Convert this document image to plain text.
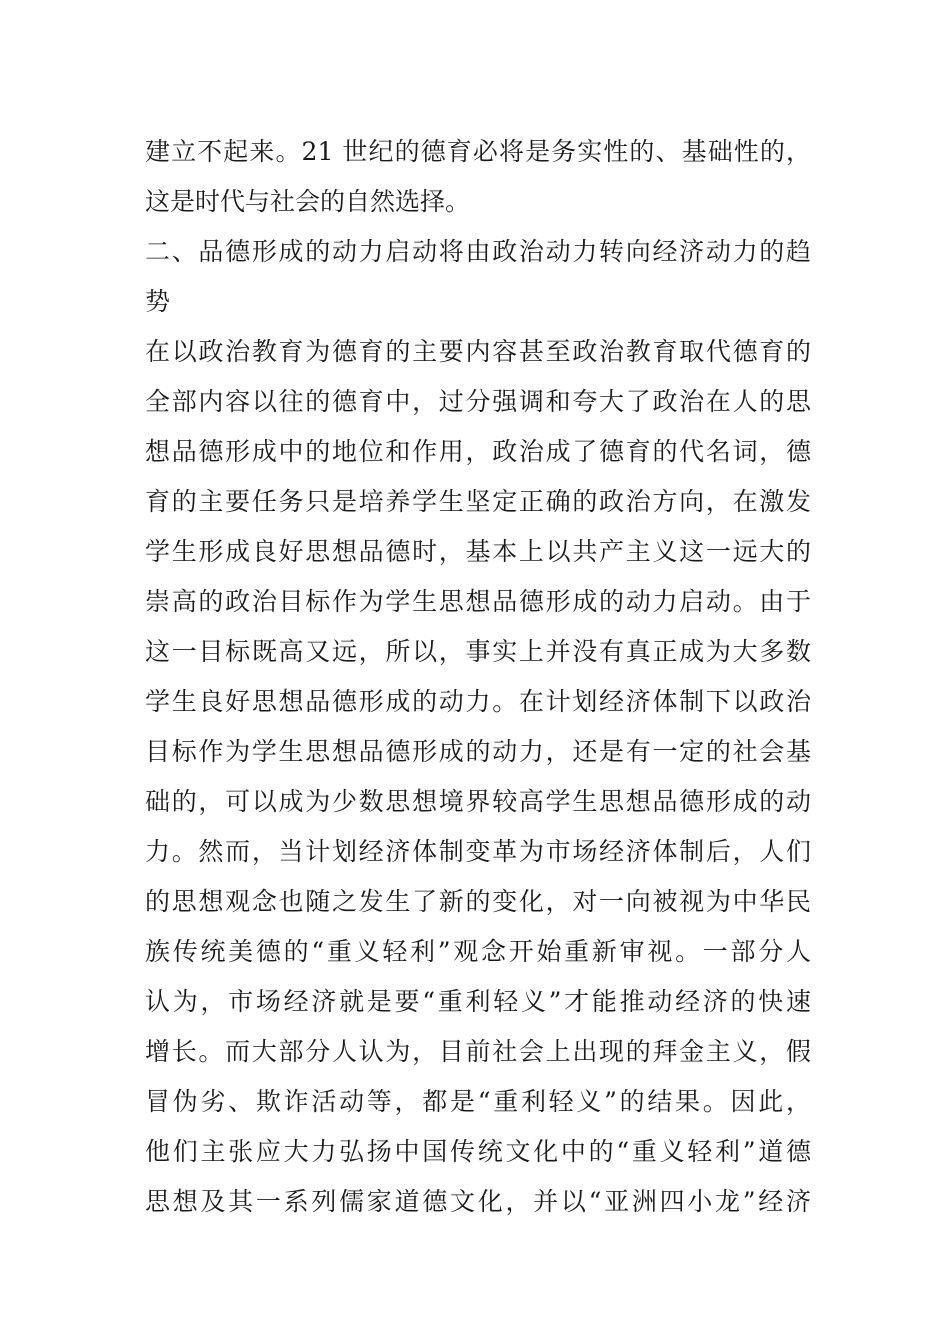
建立不起来。21 世纪的德育必将是务实性的、基础性的，
这是时代与社会的自然选择。
二、品德形成的动力启动将由政治动力转向经济动力的趋
势
在以政治教育为德育的主要内容甚至政治教育取代德育的
全部内容以往的德育中，过分强调和夸大了政治在人的思
想品德形成中的地位和作用，政治成了德育的代名词，德
育的主要任务只是培养学生坚定正确的政治方向，在激发
学生形成良好思想品德时，基本上以共产主义这一远大的
崇高的政治目标作为学生思想品德形成的动力启动。由于
这一目标既高又远，所以，事实上并没有真正成为大多数
学生良好思想品德形成的动力。在计划经济体制下以政治
目标作为学生思想品德形成的动力，还是有一定的社会基
础的，可以成为少数思想境界较高学生思想品德形成的动
力。然而，当计划经济体制变革为市场经济体制后，人们
的思想观念也随之发生了新的变化，对一向被视为中华民
族传统美德的“重义轻利”观念开始重新审视。一部分人
认为，市场经济就是要“重利轻义”才能推动经济的快速
增长。而大部分人认为，目前社会上出现的拜金主义，假
冒伪劣、欺诈活动等，都是“重利轻义”的结果。因此，
他们主张应大力弘扬中国传统文化中的“重义轻利”道德
思想及其一系列儒家道德文化，并以“亚洲四小龙”经济
